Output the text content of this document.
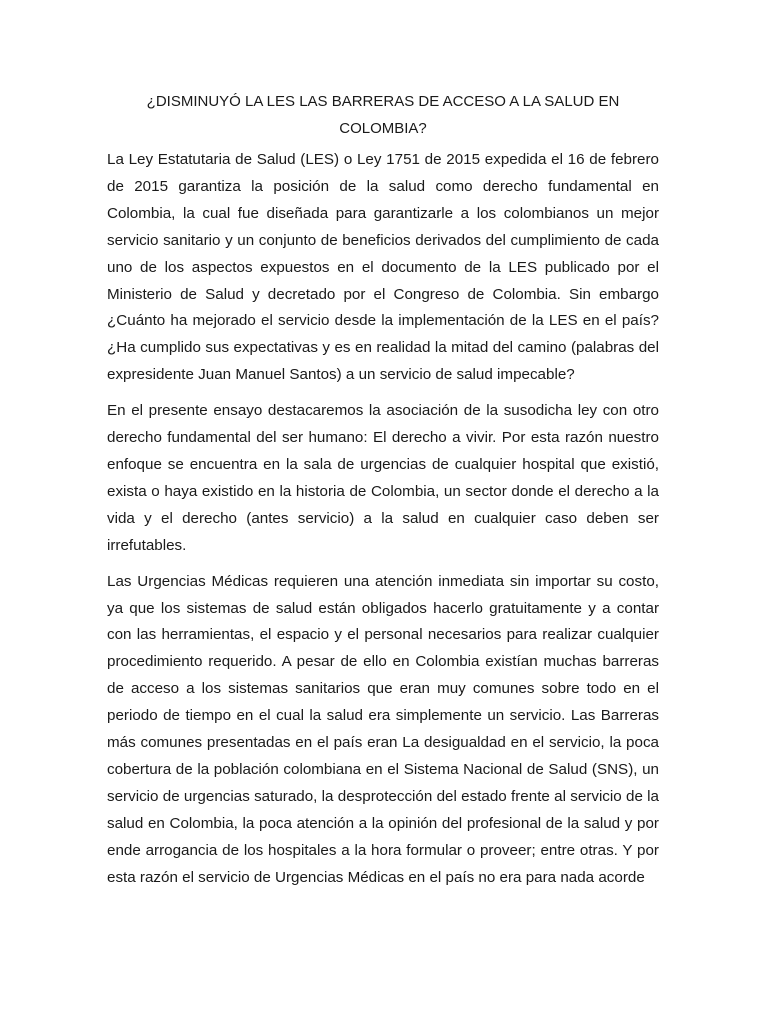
¿DISMINUYÓ LA LES LAS BARRERAS DE ACCESO A LA SALUD EN COLOMBIA?

La Ley Estatutaria de Salud (LES) o Ley 1751 de 2015 expedida el 16 de febrero de 2015 garantiza la posición de la salud como derecho fundamental en Colombia, la cual fue diseñada para garantizarle a los colombianos un mejor servicio sanitario y un conjunto de beneficios derivados del cumplimiento de cada uno de los aspectos expuestos en el documento de la LES publicado por el Ministerio de Salud y decretado por el Congreso de Colombia. Sin embargo ¿Cuánto ha mejorado el servicio desde la implementación de la LES en el país? ¿Ha cumplido sus expectativas y es en realidad la mitad del camino (palabras del expresidente Juan Manuel Santos) a un servicio de salud impecable?

En el presente ensayo destacaremos la asociación de la susodicha ley con otro derecho fundamental del ser humano: El derecho a vivir. Por esta razón nuestro enfoque se encuentra en la sala de urgencias de cualquier hospital que existió, exista o haya existido en la historia de Colombia, un sector donde el derecho a la vida y el derecho (antes servicio) a la salud en cualquier caso deben ser irrefutables.

Las Urgencias Médicas requieren una atención inmediata sin importar su costo, ya que los sistemas de salud están obligados hacerlo gratuitamente y a contar con las herramientas, el espacio y el personal necesarios para realizar cualquier procedimiento requerido. A pesar de ello en Colombia existían muchas barreras de acceso a los sistemas sanitarios que eran muy comunes sobre todo en el periodo de tiempo en el cual la salud era simplemente un servicio. Las Barreras más comunes presentadas en el país eran La desigualdad en el servicio, la poca cobertura de la población colombiana en el Sistema Nacional de Salud (SNS), un servicio de urgencias saturado, la desprotección del estado frente al servicio de la salud en Colombia, la poca atención a la opinión del profesional de la salud y por ende arrogancia de los hospitales a la hora formular o proveer; entre otras. Y por esta razón el servicio de Urgencias Médicas en el país no era para nada acorde
